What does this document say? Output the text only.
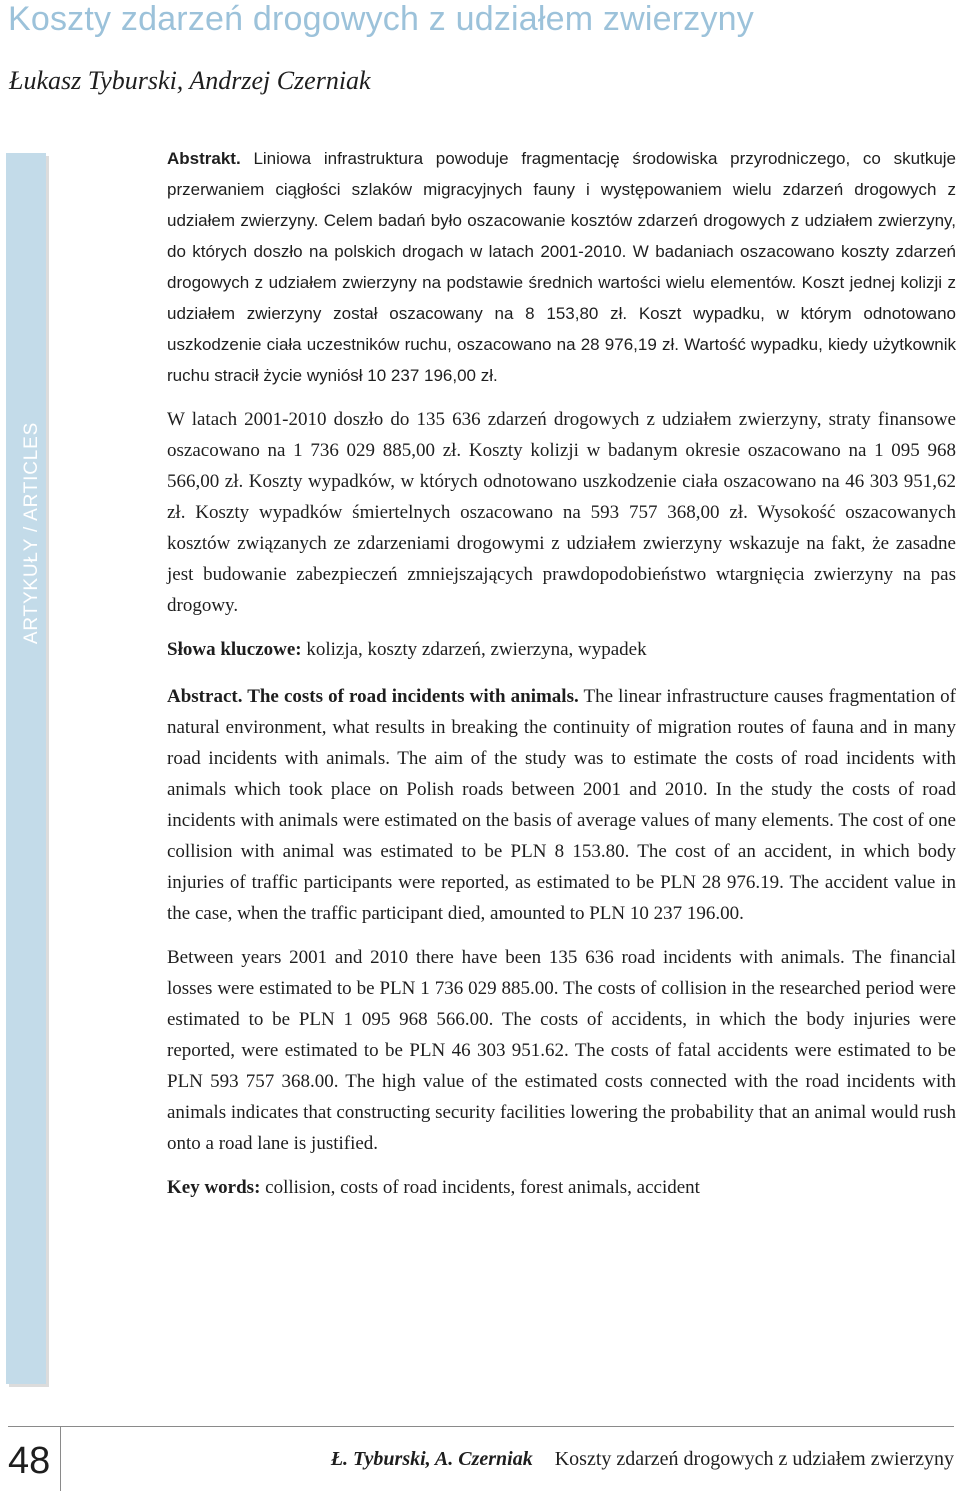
Koszty zdarzeń drogowych z udziałem zwierzyny
Łukasz Tyburski, Andrzej Czerniak
ARTYKUŁY / ARTICLES

Abstrakt. Liniowa infrastruktura powoduje fragmentację środowiska przyrodniczego, co skutkuje przerwaniem ciągłości szlaków migracyjnych fauny i występowaniem wielu zdarzeń drogowych z udziałem zwierzyny. Celem badań było oszacowanie kosztów zdarzeń drogowych z udziałem zwierzyny, do których doszło na polskich drogach w latach 2001-2010. W badaniach oszacowano koszty zdarzeń drogowych z udziałem zwierzyny na podstawie średnich wartości wielu elementów. Koszt jednej kolizji z udziałem zwierzyny został oszacowany na 8 153,80 zł. Koszt wypadku, w którym odnotowano uszkodzenie ciała uczestników ruchu, oszacowano na 28 976,19 zł. Wartość wypadku, kiedy użytkownik ruchu stracił życie wyniósł 10 237 196,00 zł.

W latach 2001-2010 doszło do 135 636 zdarzeń drogowych z udziałem zwierzyny, straty finansowe oszacowano na 1 736 029 885,00 zł. Koszty kolizji w badanym okresie oszacowano na 1 095 968 566,00 zł. Koszty wypadków, w których odnotowano uszkodzenie ciała oszacowano na 46 303 951,62 zł. Koszty wypadków śmiertelnych oszacowano na 593 757 368,00 zł. Wysokość oszacowanych kosztów związanych ze zdarzeniami drogowymi z udziałem zwierzyny wskazuje na fakt, że zasadne jest budowanie zabezpieczeń zmniejszających prawdopodobieństwo wtargnięcia zwierzyny na pas drogowy.

Słowa kluczowe: kolizja, koszty zdarzeń, zwierzyna, wypadek

Abstract. The costs of road incidents with animals. The linear infrastructure causes fragmentation of natural environment, what results in breaking the continuity of migration routes of fauna and in many road incidents with animals. The aim of the study was to estimate the costs of road incidents with animals which took place on Polish roads between 2001 and 2010. In the study the costs of road incidents with animals were estimated on the basis of average values of many elements. The cost of one collision with animal was estimated to be PLN 8 153.80. The cost of an accident, in which body injuries of traffic participants were reported, as estimated to be PLN 28 976.19. The accident value in the case, when the traffic participant died, amounted to PLN 10 237 196.00.

Between years 2001 and 2010 there have been 135 636 road incidents with animals. The financial losses were estimated to be PLN 1 736 029 885.00. The costs of collision in the researched period were estimated to be PLN 1 095 968 566.00. The costs of accidents, in which the body injuries were reported, were estimated to be PLN 46 303 951.62. The costs of fatal accidents were estimated to be PLN 593 757 368.00. The high value of the estimated costs connected with the road incidents with animals indicates that constructing security facilities lowering the probability that an animal would rush onto a road lane is justified.

Key words: collision, costs of road incidents, forest animals, accident

48	Ł. Tyburski, A. Czerniak Koszty zdarzeń drogowych z udziałem zwierzyny
